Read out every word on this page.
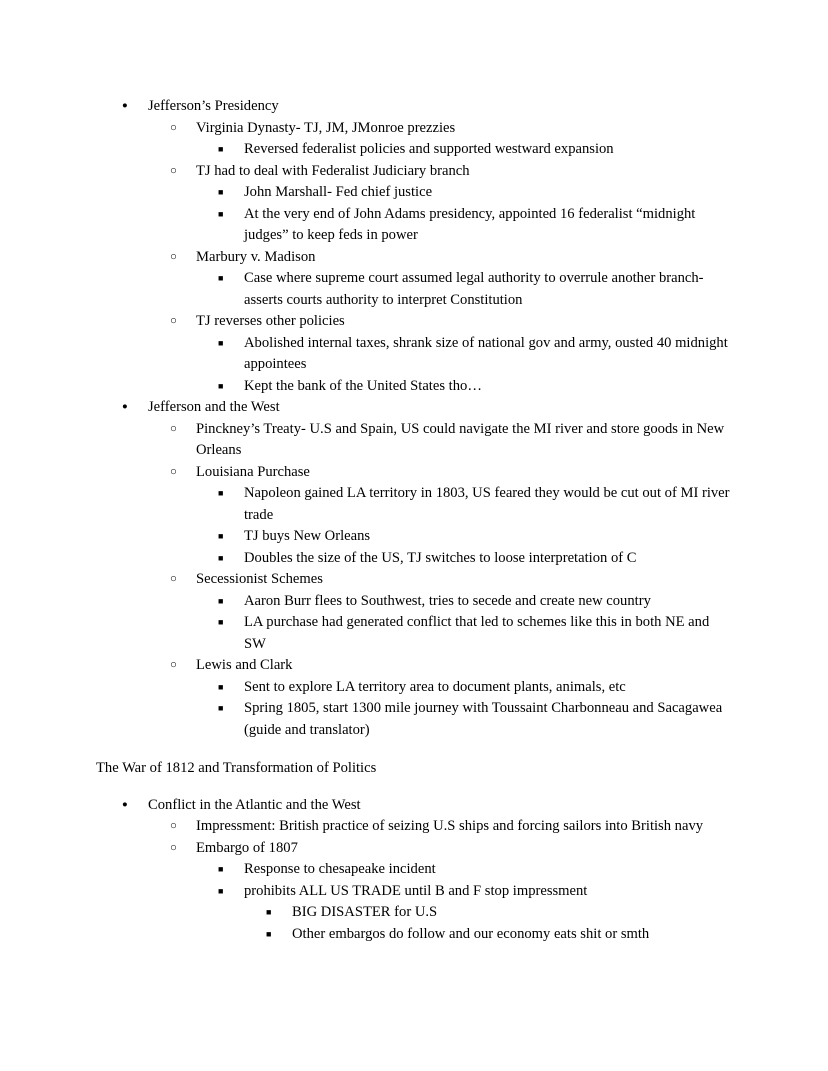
●	Jefferson’s Presidency
○	Virginia Dynasty- TJ, JM, JMonroe prezzies
■	Reversed federalist policies and supported westward expansion
○	TJ had to deal with Federalist Judiciary branch
■	John Marshall- Fed chief justice
■	At the very end of John Adams presidency, appointed 16 federalist “midnight judges” to keep feds in power
○	Marbury v. Madison
■	Case where supreme court assumed legal authority to overrule another branch- asserts courts authority to interpret Constitution
○	TJ reverses other policies
■	Abolished internal taxes, shrank size of national gov and army, ousted 40 midnight appointees
■	Kept the bank of the United States tho…
●	Jefferson and the West
○	Pinckney’s Treaty- U.S and Spain, US could navigate the MI river and store goods in New Orleans
○	Louisiana Purchase
■	Napoleon gained LA territory in 1803, US feared they would be cut out of MI river trade
■	TJ buys New Orleans
■	Doubles the size of the US, TJ switches to loose interpretation of C
○	Secessionist Schemes
■	Aaron Burr flees to Southwest, tries to secede and create new country
■	LA purchase had generated conflict that led to schemes like this in both NE and SW
○	Lewis and Clark
■	Sent to explore LA territory area to document plants, animals, etc
■	Spring 1805, start 1300 mile journey with Toussaint Charbonneau and Sacagawea (guide and translator)
The War of 1812 and Transformation of Politics
●	Conflict in the Atlantic and the West
○	Impressment: British practice of seizing U.S ships and forcing sailors into British navy
○	Embargo of 1807
■	Response to chesapeake incident
■	prohibits ALL US TRADE until B and F stop impressment
■	BIG DISASTER for U.S
■	Other embargos do follow and our economy eats shit or smth
